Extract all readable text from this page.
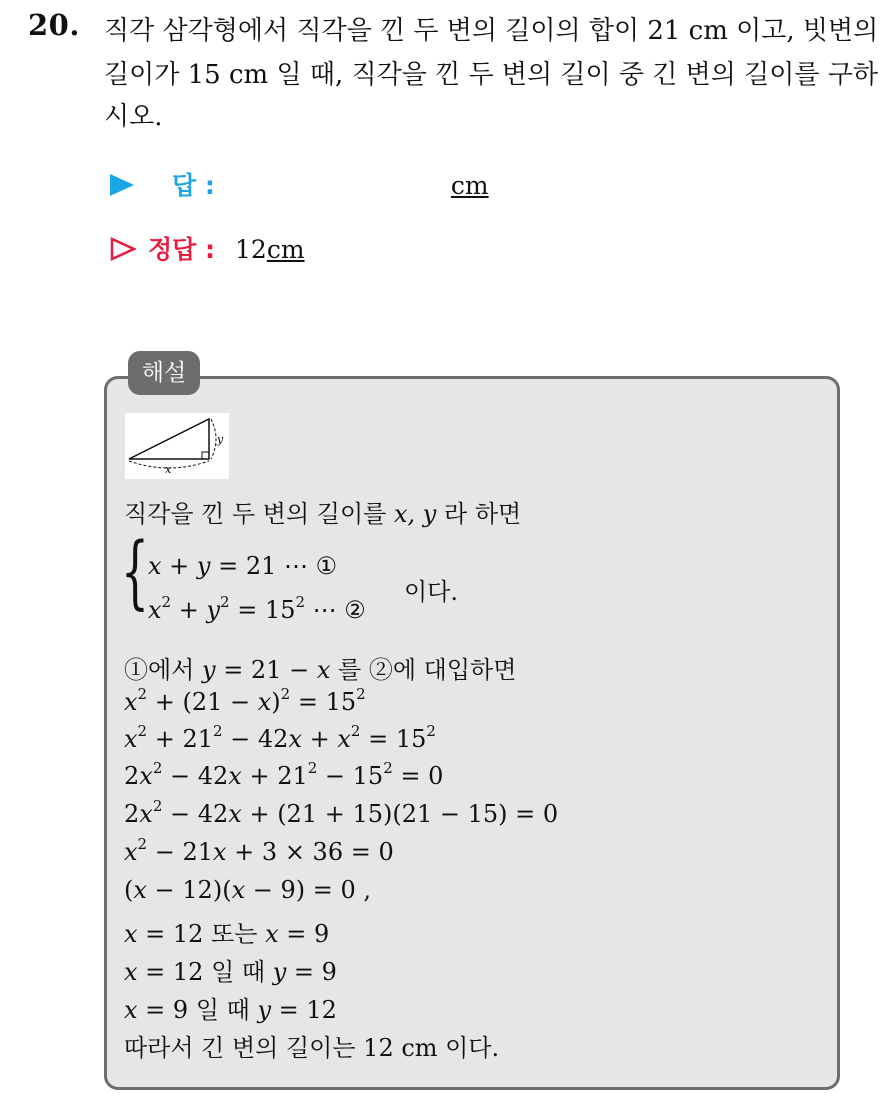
20. 직각 삼각형에서 직각을 낀 두 변의 길이의 합이 21 cm 이고, 빗변의
길이가 15 cm 일 때, 직각을 낀 두 변의 길이 중 긴 변의 길이를 구하
시오.
답 :	cm
정답 : 12 cm
해설
x
y
직각을 낀 두 변의 길이를 x, y 라 하면
{ x + y = 21 ⋯ ①
$x^2 + y^2 = 15^2$ ⋯ ②
이다.
①에서 y = 21 − x 를 ②에 대입하면
$x^2 + (21 - x)^2 = 15^2$
$x^2 + 21^2 - 42x + x^2 = 15^2$
$2x^2 - 42x + 21^2 - 15^2 = 0$
$2x^2 - 42x + (21 + 15)(21 - 15) = 0$
$x^2 - 21x + 3 \times 36 = 0$
(x − 12)(x − 9) = 0 ,
x = 12 또는 x = 9
x = 12 일 때 y = 9
x = 9 일 때 y = 12
따라서 긴 변의 길이는 12 cm 이다.
